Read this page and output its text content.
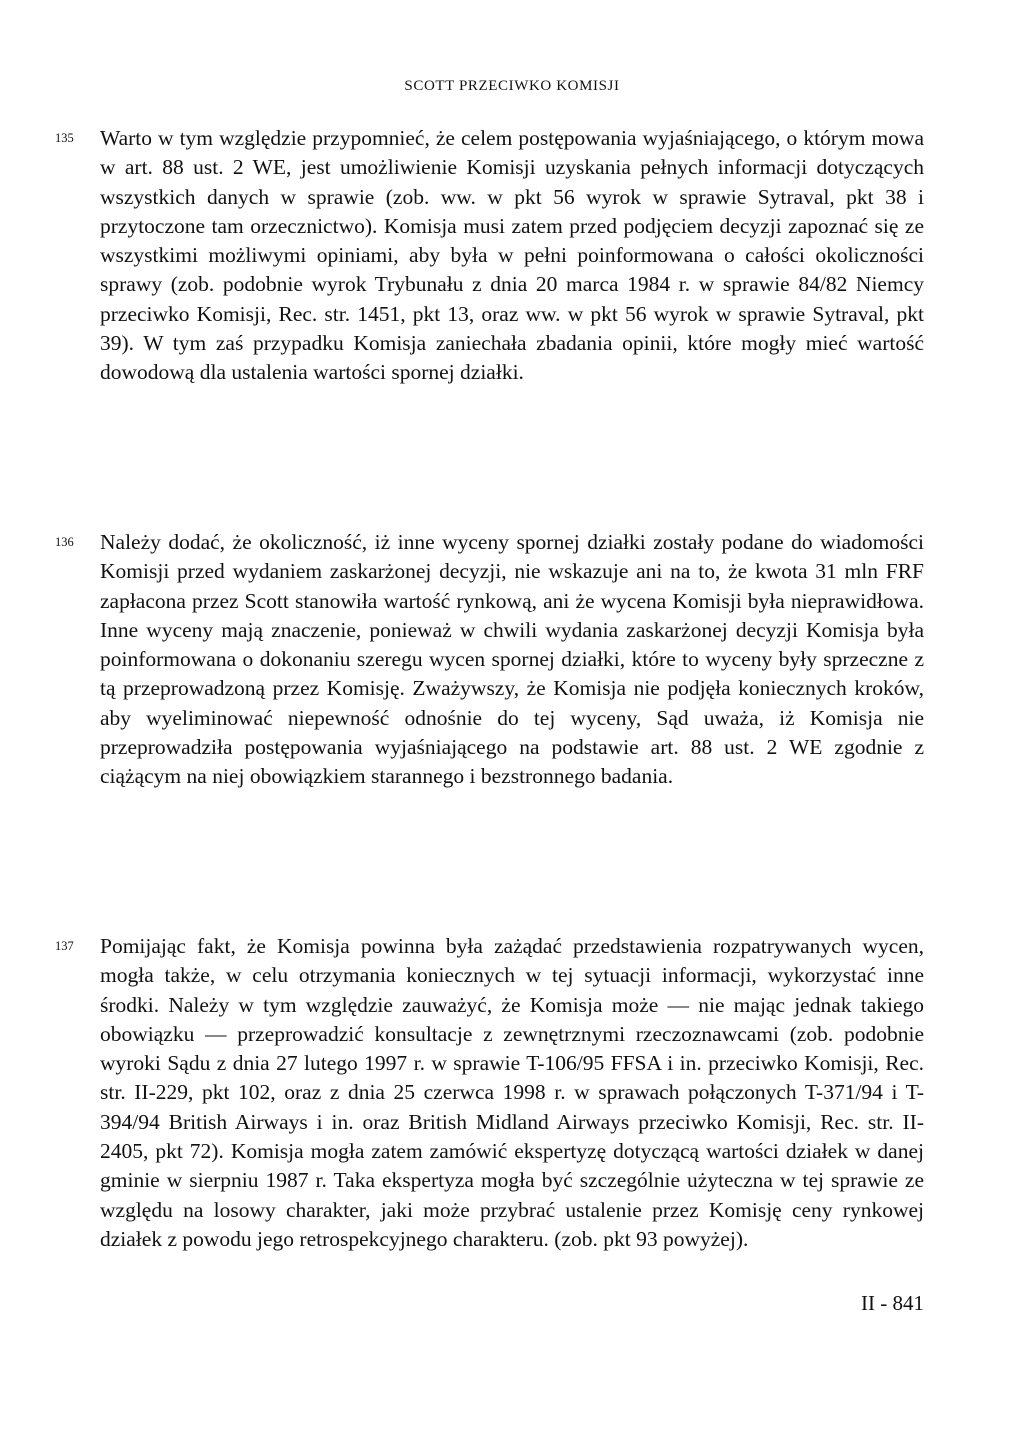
SCOTT PRZECIWKO KOMISJI
135 Warto w tym względzie przypomnieć, że celem postępowania wyjaśniającego, o którym mowa w art. 88 ust. 2 WE, jest umożliwienie Komisji uzyskania pełnych informacji dotyczących wszystkich danych w sprawie (zob. ww. w pkt 56 wyrok w sprawie Sytraval, pkt 38 i przytoczone tam orzecznictwo). Komisja musi zatem przed podjęciem decyzji zapoznać się ze wszystkimi możliwymi opiniami, aby była w pełni poinformowana o całości okoliczności sprawy (zob. podobnie wyrok Trybunału z dnia 20 marca 1984 r. w sprawie 84/82 Niemcy przeciwko Komisji, Rec. str. 1451, pkt 13, oraz ww. w pkt 56 wyrok w sprawie Sytraval, pkt 39). W tym zaś przypadku Komisja zaniechała zbadania opinii, które mogły mieć wartość dowodową dla ustalenia wartości spornej działki.
136 Należy dodać, że okoliczność, iż inne wyceny spornej działki zostały podane do wiadomości Komisji przed wydaniem zaskarżonej decyzji, nie wskazuje ani na to, że kwota 31 mln FRF zapłacona przez Scott stanowiła wartość rynkową, ani że wycena Komisji była nieprawidłowa. Inne wyceny mają znaczenie, ponieważ w chwili wydania zaskarżonej decyzji Komisja była poinformowana o dokonaniu szeregu wycen spornej działki, które to wyceny były sprzeczne z tą przeprowadzoną przez Komisję. Zważywszy, że Komisja nie podjęła koniecznych kroków, aby wyeliminować niepewność odnośnie do tej wyceny, Sąd uważa, iż Komisja nie przeprowadziła postępowania wyjaśniającego na podstawie art. 88 ust. 2 WE zgodnie z ciążącym na niej obowiązkiem starannego i bezstronnego badania.
137 Pomijając fakt, że Komisja powinna była zażądać przedstawienia rozpatrywanych wycen, mogła także, w celu otrzymania koniecznych w tej sytuacji informacji, wykorzystać inne środki. Należy w tym względzie zauważyć, że Komisja może — nie mając jednak takiego obowiązku — przeprowadzić konsultacje z zewnętrznymi rzeczoznawcami (zob. podobnie wyroki Sądu z dnia 27 lutego 1997 r. w sprawie T-106/95 FFSA i in. przeciwko Komisji, Rec. str. II-229, pkt 102, oraz z dnia 25 czerwca 1998 r. w sprawach połączonych T-371/94 i T-394/94 British Airways i in. oraz British Midland Airways przeciwko Komisji, Rec. str. II-2405, pkt 72). Komisja mogła zatem zamówić ekspertyzę dotyczącą wartości działek w danej gminie w sierpniu 1987 r. Taka ekspertyza mogła być szczególnie użyteczna w tej sprawie ze względu na losowy charakter, jaki może przybrać ustalenie przez Komisję ceny rynkowej działek z powodu jego retrospekcyjnego charakteru. (zob. pkt 93 powyżej).
II - 841
